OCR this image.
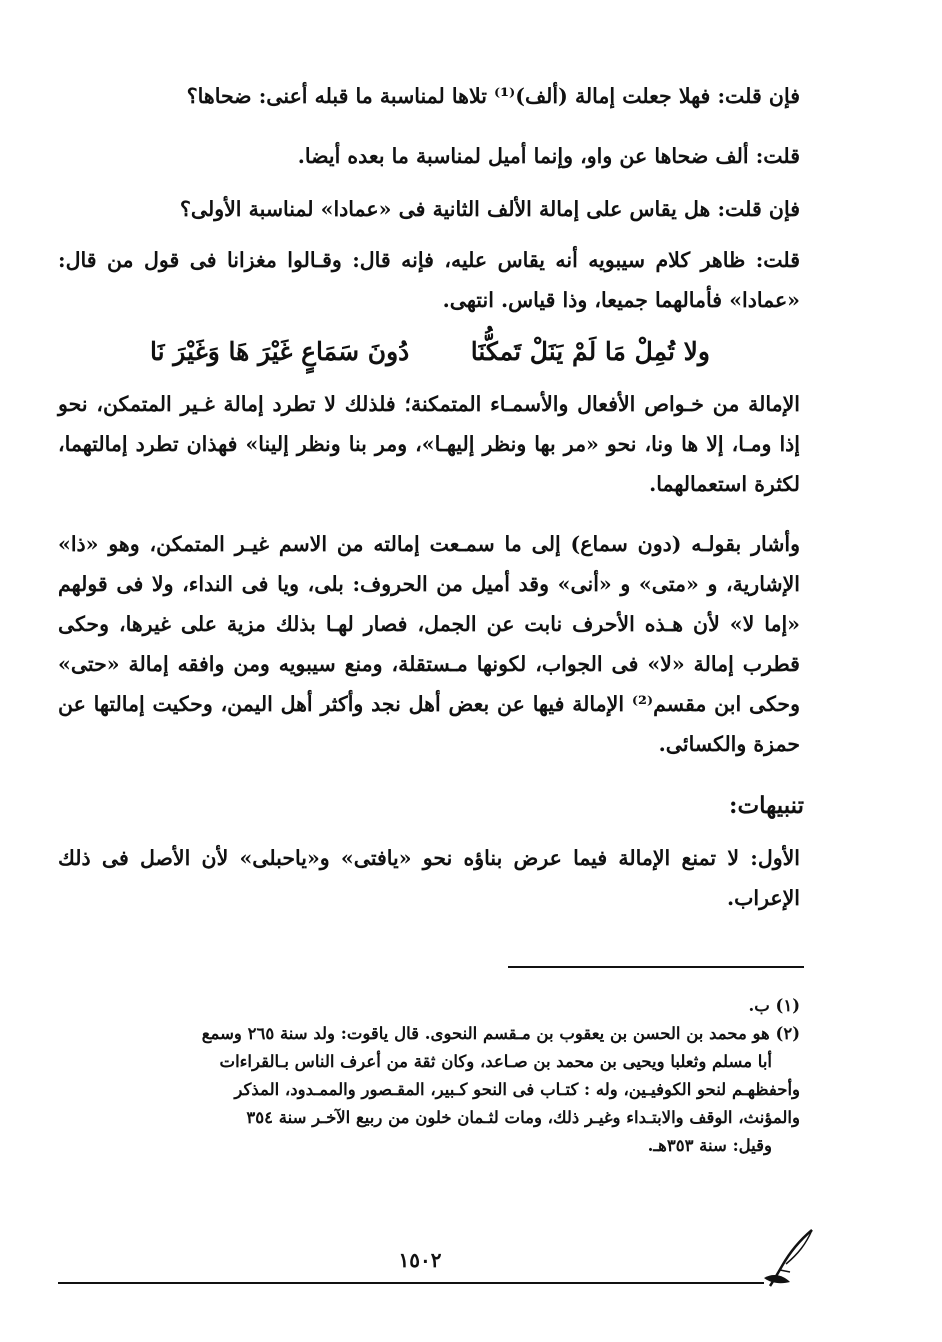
فإن قلت: فهلا جعلت إمالة (ألف)⁽¹⁾ تلاها لمناسبة ما قبله أعنى: ضحاها؟
قلت: ألف ضحاها عن واو، وإنما أميل لمناسبة ما بعده أيضا.
فإن قلت: هل يقاس على إمالة الألف الثانية فى «عمادا» لمناسبة الأولى؟
قلت: ظاهر كلام سيبويه أنه يقاس عليه، فإنه قال: وقـالوا مغزانا فى قول من قال: «عمادا» فأمالهما جميعا، وذا قياس. انتهى.
ولا تُمِلْ مَا لَمْ يَنَلْ تَمكُّنَا
دُونَ سَمَاعٍ غَيْرَ هَا وَغَيْرَ نَا
الإمالة من خـواص الأفعال والأسمـاء المتمكنة؛ فلذلك لا تطرد إمالة غـير المتمكن، نحو إذا ومـا، إلا ها ونا، نحو «مر بها ونظر إليهـا»، ومر بنا ونظر إلينا» فهذان تطرد إمالتهما، لكثرة استعمالهما.
وأشار بقولـه (دون سماع) إلى ما سمـعت إمالته من الاسم غيـر المتمكن، وهو «ذا» الإشارية، و «متى» و «أنى» وقد أميل من الحروف: بلى، ويا فى النداء، ولا فى قولهم «إما لا» لأن هـذه الأحرف نابت عن الجمل، فصار لهـا بذلك مزية على غيرها، وحكى قطرب إمالة «لا» فى الجواب، لكونها مـستقلة، ومنع سيبويه ومن وافقه إمالة «حتى» وحكى ابن مقسم⁽²⁾ الإمالة فيها عن بعض أهل نجد وأكثر أهل اليمن، وحكيت إمالتها عن حمزة والكسائى.
تنبيهات:
الأول: لا تمنع الإمالة فيما عرض بناؤه نحو «يافتى» و«ياحبلى» لأن الأصل فى ذلك الإعراب.
(١) ب.
(٢) هو محمد بن الحسن بن يعقوب بن مـقسم النحوى. قال ياقوت: ولد سنة ٢٦٥ وسمع
أبا مسلم وثعلبا ويحيى بن محمد بن صـاعد، وكان ثقة من أعرف الناس بـالقراءات
وأحفظهـم لنحو الكوفيـين، وله : كتـاب فى النحو كـبير، المقـصور والممـدود، المذكر
والمؤنث، الوقف والابتـداء وغيـر ذلك، ومات لثـمان خلون من ربيع الآخـر سنة ٣٥٤
وقيل: سنة ٣٥٣هـ.
١٥٠٢
